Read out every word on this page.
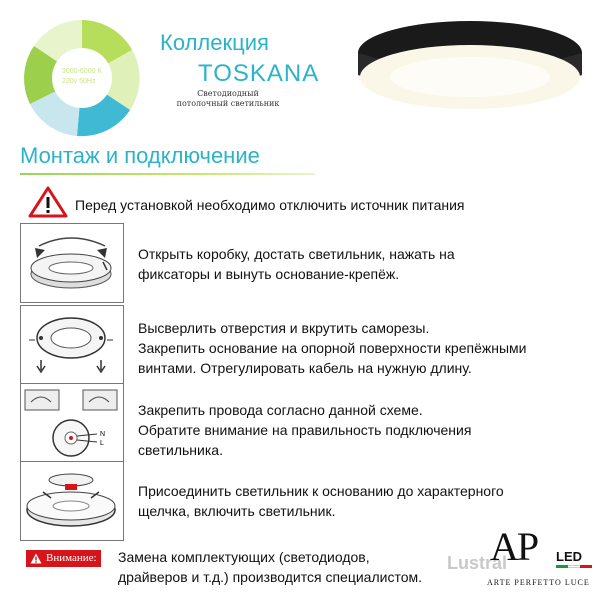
3000-6000 K
220v 50Hz
Коллекция
TOSKANA
Светодиодный
потолочный светильник
Монтаж и подключение
Перед установкой необходимо отключить источник питания
Открыть коробку, достать светильник, нажать на
фиксаторы и вынуть основание-крепёж.
Высверлить отверстия и вкрутить саморезы.
Закрепить основание на опорной поверхности крепёжными
винтами. Отрегулировать кабель на нужную длину.
N
L
Закрепить провода согласно данной схеме.
Обратите внимание на правильность подключения
светильника.
Присоединить светильник к основанию до характерного
щелчка, включить светильник.
Внимание: Замена комплектующих (светодиодов,
драйверов и т.д.) производится специалистом.
Lustral
AP LED
ARTE PERFETTO LUCE
